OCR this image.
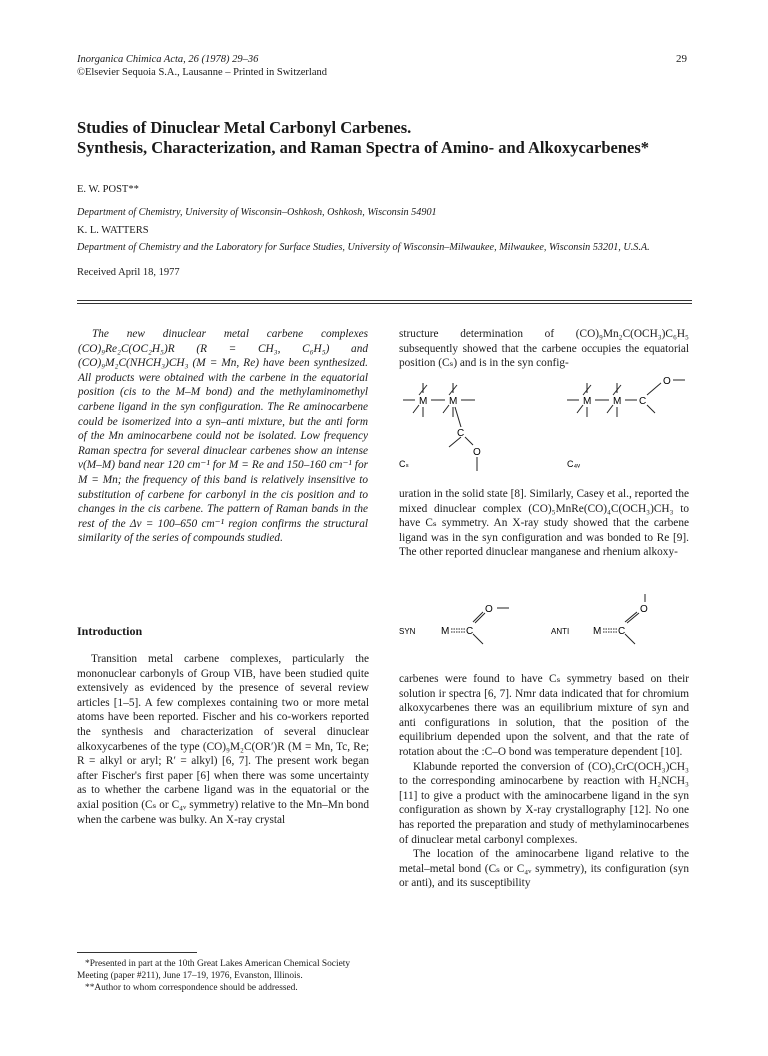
Inorganica Chimica Acta, 26 (1978) 29–36
©Elsevier Sequoia S.A., Lausanne – Printed in Switzerland
29
Studies of Dinuclear Metal Carbonyl Carbenes.
Synthesis, Characterization, and Raman Spectra of Amino- and Alkoxycarbenes*
E. W. POST**
Department of Chemistry, University of Wisconsin–Oshkosh, Oshkosh, Wisconsin 54901
K. L. WATTERS
Department of Chemistry and the Laboratory for Surface Studies, University of Wisconsin–Milwaukee, Milwaukee, Wisconsin 53201, U.S.A.
Received April 18, 1977

The new dinuclear metal carbene complexes (CO)₉Re₂C(OC₂H₅)R (R = CH₃, C₆H₅) and (CO)₉M₂C(NHCH₃)CH₃ (M = Mn, Re) have been synthesized. All products were obtained with the carbene in the equatorial position (cis to the M–M bond) and the methylaminomethyl carbene ligand in the syn configuration. The Re aminocarbene could be isomerized into a syn–anti mixture, but the anti form of the Mn aminocarbene could not be isolated. Low frequency Raman spectra for several dinuclear carbenes show an intense ν(M–M) band near 120 cm⁻¹ for M = Re and 150–160 cm⁻¹ for M = Mn; the frequency of this band is relatively insensitive to substitution of carbene for carbonyl in the cis position and to changes in the cis carbene. The pattern of Raman bands in the rest of the Δν = 100–650 cm⁻¹ region confirms the structural similarity of the series of compounds studied.

Introduction

Transition metal carbene complexes, particularly the mononuclear carbonyls of Group VIB, have been studied quite extensively as evidenced by the presence of several review articles [1–5]. A few complexes containing two or more metal atoms have been reported. Fischer and his co-workers reported the synthesis and characterization of several dinuclear alkoxycarbenes of the type (CO)₉M₂C(OR′)R (M = Mn, Tc, Re; R = alkyl or aryl; R′ = alkyl) [6, 7]. The present work began after Fischer's first paper [6] when there was some uncertainty as to whether the carbene ligand was in the equatorial or the axial position (Cₛ or C₄ᵥ symmetry) relative to the Mn–Mn bond when the carbene was bulky. An X-ray crystal

*Presented in part at the 10th Great Lakes American Chemical Society Meeting (paper #211), June 17–19, 1976, Evanston, Illinois.

**Author to whom correspondence should be addressed.

structure determination of (CO)₉Mn₂C(OCH₃)C₆H₅ subsequently showed that the carbene occupies the equatorial position (Cₛ) and is in the syn config-

M M
C
O
Cₛ
M M C
O
C₄ᵥ

uration in the solid state [8]. Similarly, Casey et al., reported the mixed dinuclear complex (CO)₅MnRe(CO)₄C(OCH₃)CH₃ to have Cₛ symmetry. An X-ray study showed that the carbene ligand was in the syn configuration and was bonded to Re [9]. The other reported dinuclear manganese and rhenium alkoxy-

SYN	M C
O
ANTI M C
O

carbenes were found to have Cₛ symmetry based on their solution ir spectra [6, 7]. Nmr data indicated that for chromium alkoxycarbenes there was an equilibrium mixture of syn and anti configurations in solution, that the position of the equilibrium depended upon the solvent, and that the rate of rotation about the :C–O bond was temperature dependent [10].

Klabunde reported the conversion of (CO)₅CrC(OCH₃)CH₃ to the corresponding aminocarbene by reaction with H₂NCH₃ [11] to give a product with the aminocarbene ligand in the syn configuration as shown by X-ray crystallography [12]. No one has reported the preparation and study of methylaminocarbenes of dinuclear metal carbonyl complexes.

The location of the aminocarbene ligand relative to the metal–metal bond (Cₛ or C₄ᵥ symmetry), its configuration (syn or anti), and its susceptibility
